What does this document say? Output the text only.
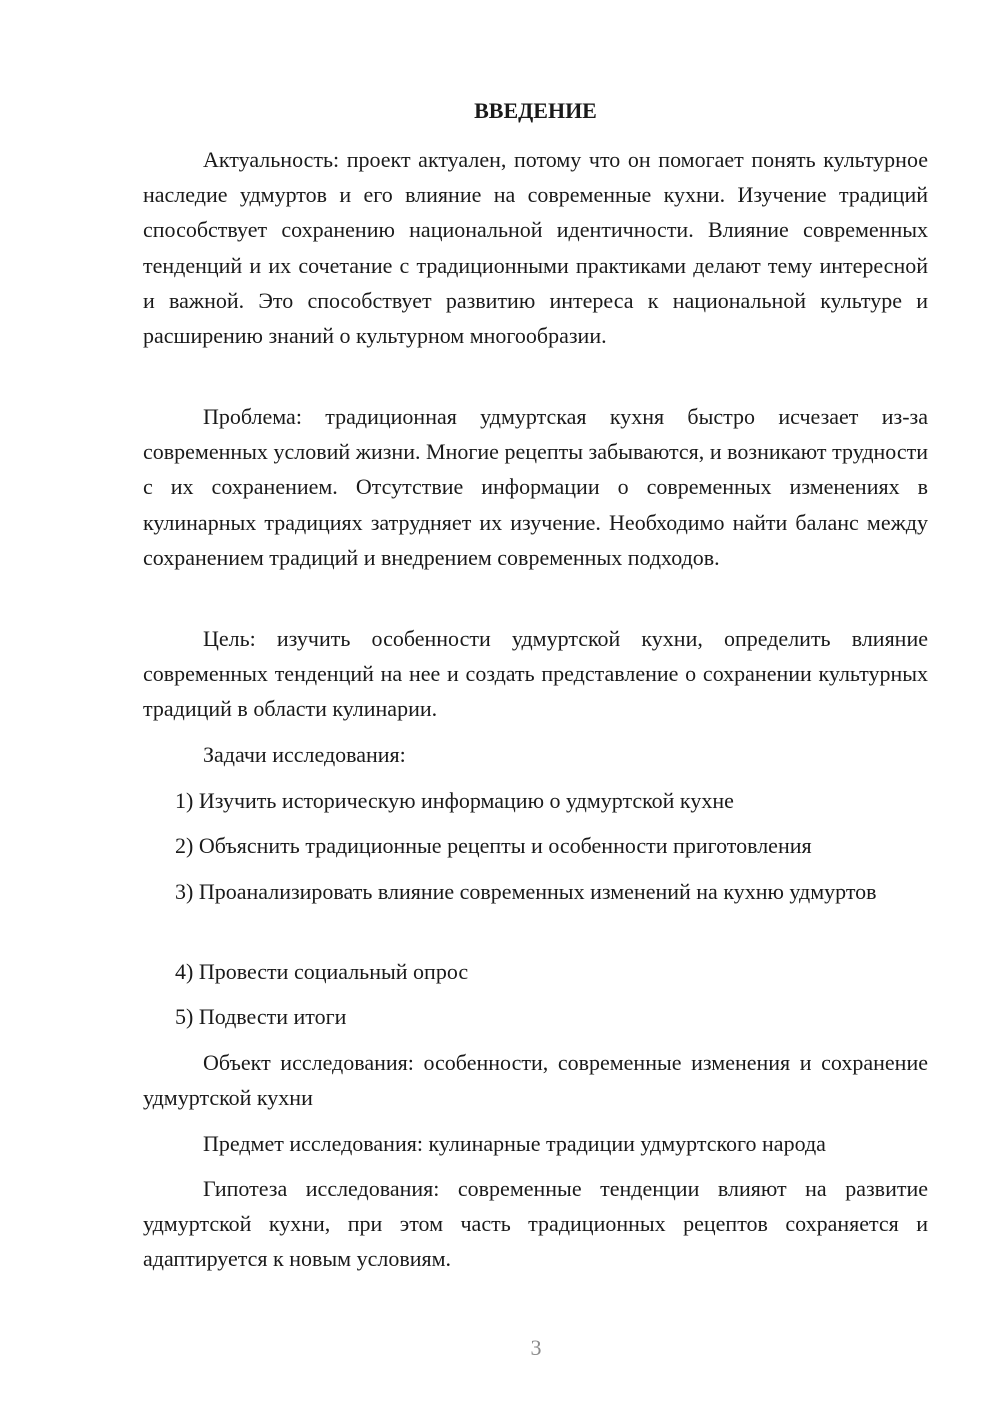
ВВЕДЕНИЕ

Актуальность: проект актуален, потому что он помогает понять культурное наследие удмуртов и его влияние на современные кухни. Изучение традиций способствует сохранению национальной идентичности. Влияние современных тенденций и их сочетание с традиционными практиками делают тему интересной и важной. Это способствует развитию интереса к национальной культуре и расширению знаний о культурном многообразии.

Проблема: традиционная удмуртская кухня быстро исчезает из-за современных условий жизни. Многие рецепты забываются, и возникают трудности с их сохранением. Отсутствие информации о современных изменениях в кулинарных традициях затрудняет их изучение. Необходимо найти баланс между сохранением традиций и внедрением современных подходов.

Цель: изучить особенности удмуртской кухни, определить влияние современных тенденций на нее и создать представление о сохранении культурных традиций в области кулинарии.

Задачи исследования:

1) Изучить историческую информацию о удмуртской кухне

2) Объяснить традиционные рецепты и особенности приготовления

3) Проанализировать влияние современных изменений на кухню удмуртов

4) Провести социальный опрос

5) Подвести итоги

Объект исследования: особенности, современные изменения и сохранение удмуртской кухни

Предмет исследования: кулинарные традиции удмуртского народа

Гипотеза исследования: современные тенденции влияют на развитие удмуртской кухни, при этом часть традиционных рецептов сохраняется и адаптируется к новым условиям.

3
